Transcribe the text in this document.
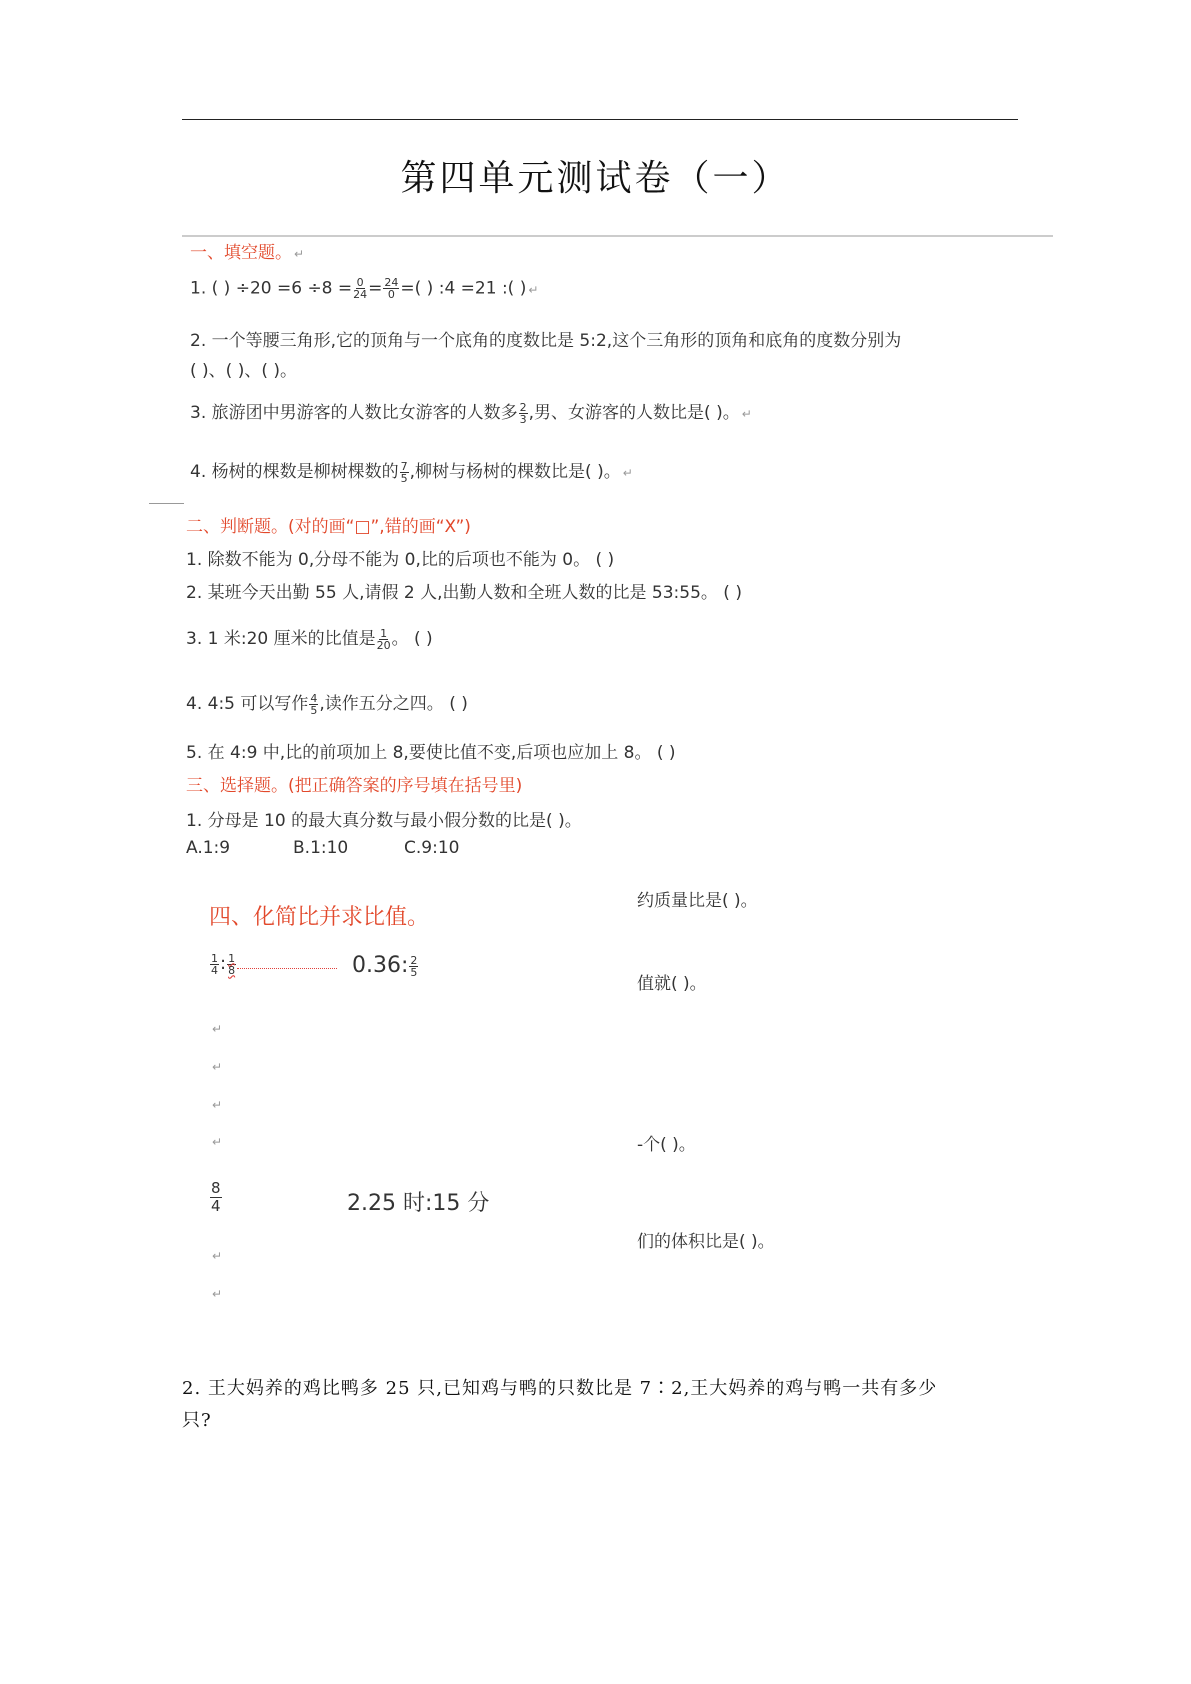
第四单元测试卷（一）
一、填空题。 ↵
1. ( ) $\div 20 =6 \div 8 = \frac{0}{24} = \frac{24}{0}$ =( ) :4 =21 :( ) ↵
2. 一个等腰三角形,它的顶角与一个底角的度数比是 5:2,这个三角形的顶角和底角的度数分别为
( )、( )、( )。
3. 旅游团中男游客的人数比女游客的人数多 $\frac{2}{3}$ ,男、女游客的人数比是( )。 ↵
4. 杨树的棵数是柳树棵数的 $\frac{7}{5}$ ,柳树与杨树的棵数比是( )。 ↵
二、判断题。(对的画“□”,错的画“X”)
1. 除数不能为 0,分母不能为 0,比的后项也不能为 0。 ( )
2. 某班今天出勤 55 人,请假 2 人,出勤人数和全班人数的比是 53:55。 ( )
3. 1 米:20 厘米的比值是 $\frac{1}{20}$ 。 ( )
4. 4:5 可以写作 $\frac{4}{5}$ ,读作五分之四。 ( )
5. 在 4:9 中,比的前项加上 8,要使比值不变,后项也应加上 8。 ( )
三、选择题。(把正确答案的序号填在括号里)
1. 分母是 10 的最大真分数与最小假分数的比是( )。
A.1:9	B.1:10	C.9:10
约质量比是( )。
值就( )。
-个( )。
们的体积比是( )。
四、化简比并求比值。
$\frac{1}{4}$ : $\frac{1}{8}$	0.36: $\frac{2}{5}$
↵
↵
↵
↵
$\frac{8}{4}$	2.25 时:15 分
↵
↵
2. 王大妈养的鸡比鸭多 25 只,已知鸡与鸭的只数比是 7∶2,王大妈养的鸡与鸭一共有多少
只?
